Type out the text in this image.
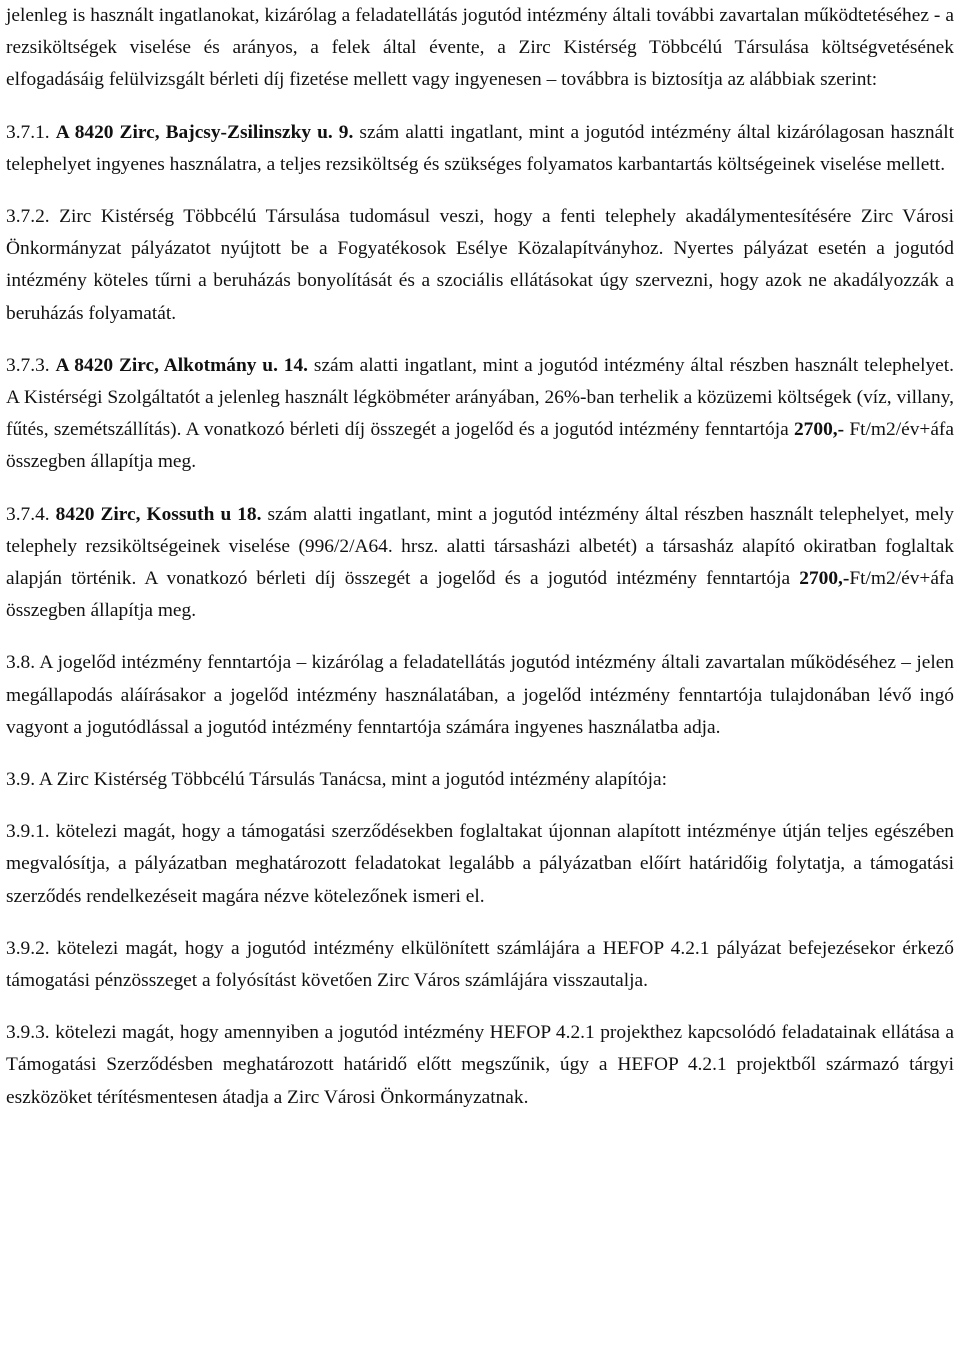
jelenleg is használt ingatlanokat, kizárólag a feladatellátás jogutód intézmény általi további zavartalan működtetéséhez - a rezsiköltségek viselése és arányos, a felek által évente, a Zirc Kistérség Többcélú Társulása költségvetésének elfogadásáig felülvizsgált bérleti díj fizetése mellett vagy ingyenesen – továbbra is biztosítja az alábbiak szerint:

3.7.1. A 8420 Zirc, Bajcsy-Zsilinszky u. 9. szám alatti ingatlant, mint a jogutód intézmény által kizárólagosan használt telephelyet ingyenes használatra, a teljes rezsiköltség és szükséges folyamatos karbantartás költségeinek viselése mellett.

3.7.2. Zirc Kistérség Többcélú Társulása tudomásul veszi, hogy a fenti telephely akadálymentesítésére Zirc Városi Önkormányzat pályázatot nyújtott be a Fogyatékosok Esélye Közalapítványhoz. Nyertes pályázat esetén a jogutód intézmény köteles tűrni a beruházás bonyolítását és a szociális ellátásokat úgy szervezni, hogy azok ne akadályozzák a beruházás folyamatát.

3.7.3. A 8420 Zirc, Alkotmány u. 14. szám alatti ingatlant, mint a jogutód intézmény által részben használt telephelyet. A Kistérségi Szolgáltatót a jelenleg használt légköbméter arányában, 26%-ban terhelik a közüzemi költségek (víz, villany, fűtés, szemétszállítás). A vonatkozó bérleti díj összegét a jogelőd és a jogutód intézmény fenntartója 2700,- Ft/m2/év+áfa összegben állapítja meg.

3.7.4. 8420 Zirc, Kossuth u 18. szám alatti ingatlant, mint a jogutód intézmény által részben használt telephelyet, mely telephely rezsiköltségeinek viselése (996/2/A64. hrsz. alatti társasházi albetét) a társasház alapító okiratban foglaltak alapján történik. A vonatkozó bérleti díj összegét a jogelőd és a jogutód intézmény fenntartója 2700,-Ft/m2/év+áfa összegben állapítja meg.

3.8. A jogelőd intézmény fenntartója – kizárólag a feladatellátás jogutód intézmény általi zavartalan működéséhez – jelen megállapodás aláírásakor a jogelőd intézmény használatában, a jogelőd intézmény fenntartója tulajdonában lévő ingó vagyont a jogutódlással a jogutód intézmény fenntartója számára ingyenes használatba adja.

3.9. A Zirc Kistérség Többcélú Társulás Tanácsa, mint a jogutód intézmény alapítója:

3.9.1. kötelezi magát, hogy a támogatási szerződésekben foglaltakat újonnan alapított intézménye útján teljes egészében megvalósítja, a pályázatban meghatározott feladatokat legalább a pályázatban előírt határidőig folytatja, a támogatási szerződés rendelkezéseit magára nézve kötelezőnek ismeri el.

3.9.2. kötelezi magát, hogy a jogutód intézmény elkülönített számlájára a HEFOP 4.2.1 pályázat befejezésekor érkező támogatási pénzösszeget a folyósítást követően Zirc Város számlájára visszautalja.

3.9.3. kötelezi magát, hogy amennyiben a jogutód intézmény HEFOP 4.2.1 projekthez kapcsolódó feladatainak ellátása a Támogatási Szerződésben meghatározott határidő előtt megszűnik, úgy a HEFOP 4.2.1 projektből származó tárgyi eszközöket térítésmentesen átadja a Zirc Városi Önkormányzatnak.
